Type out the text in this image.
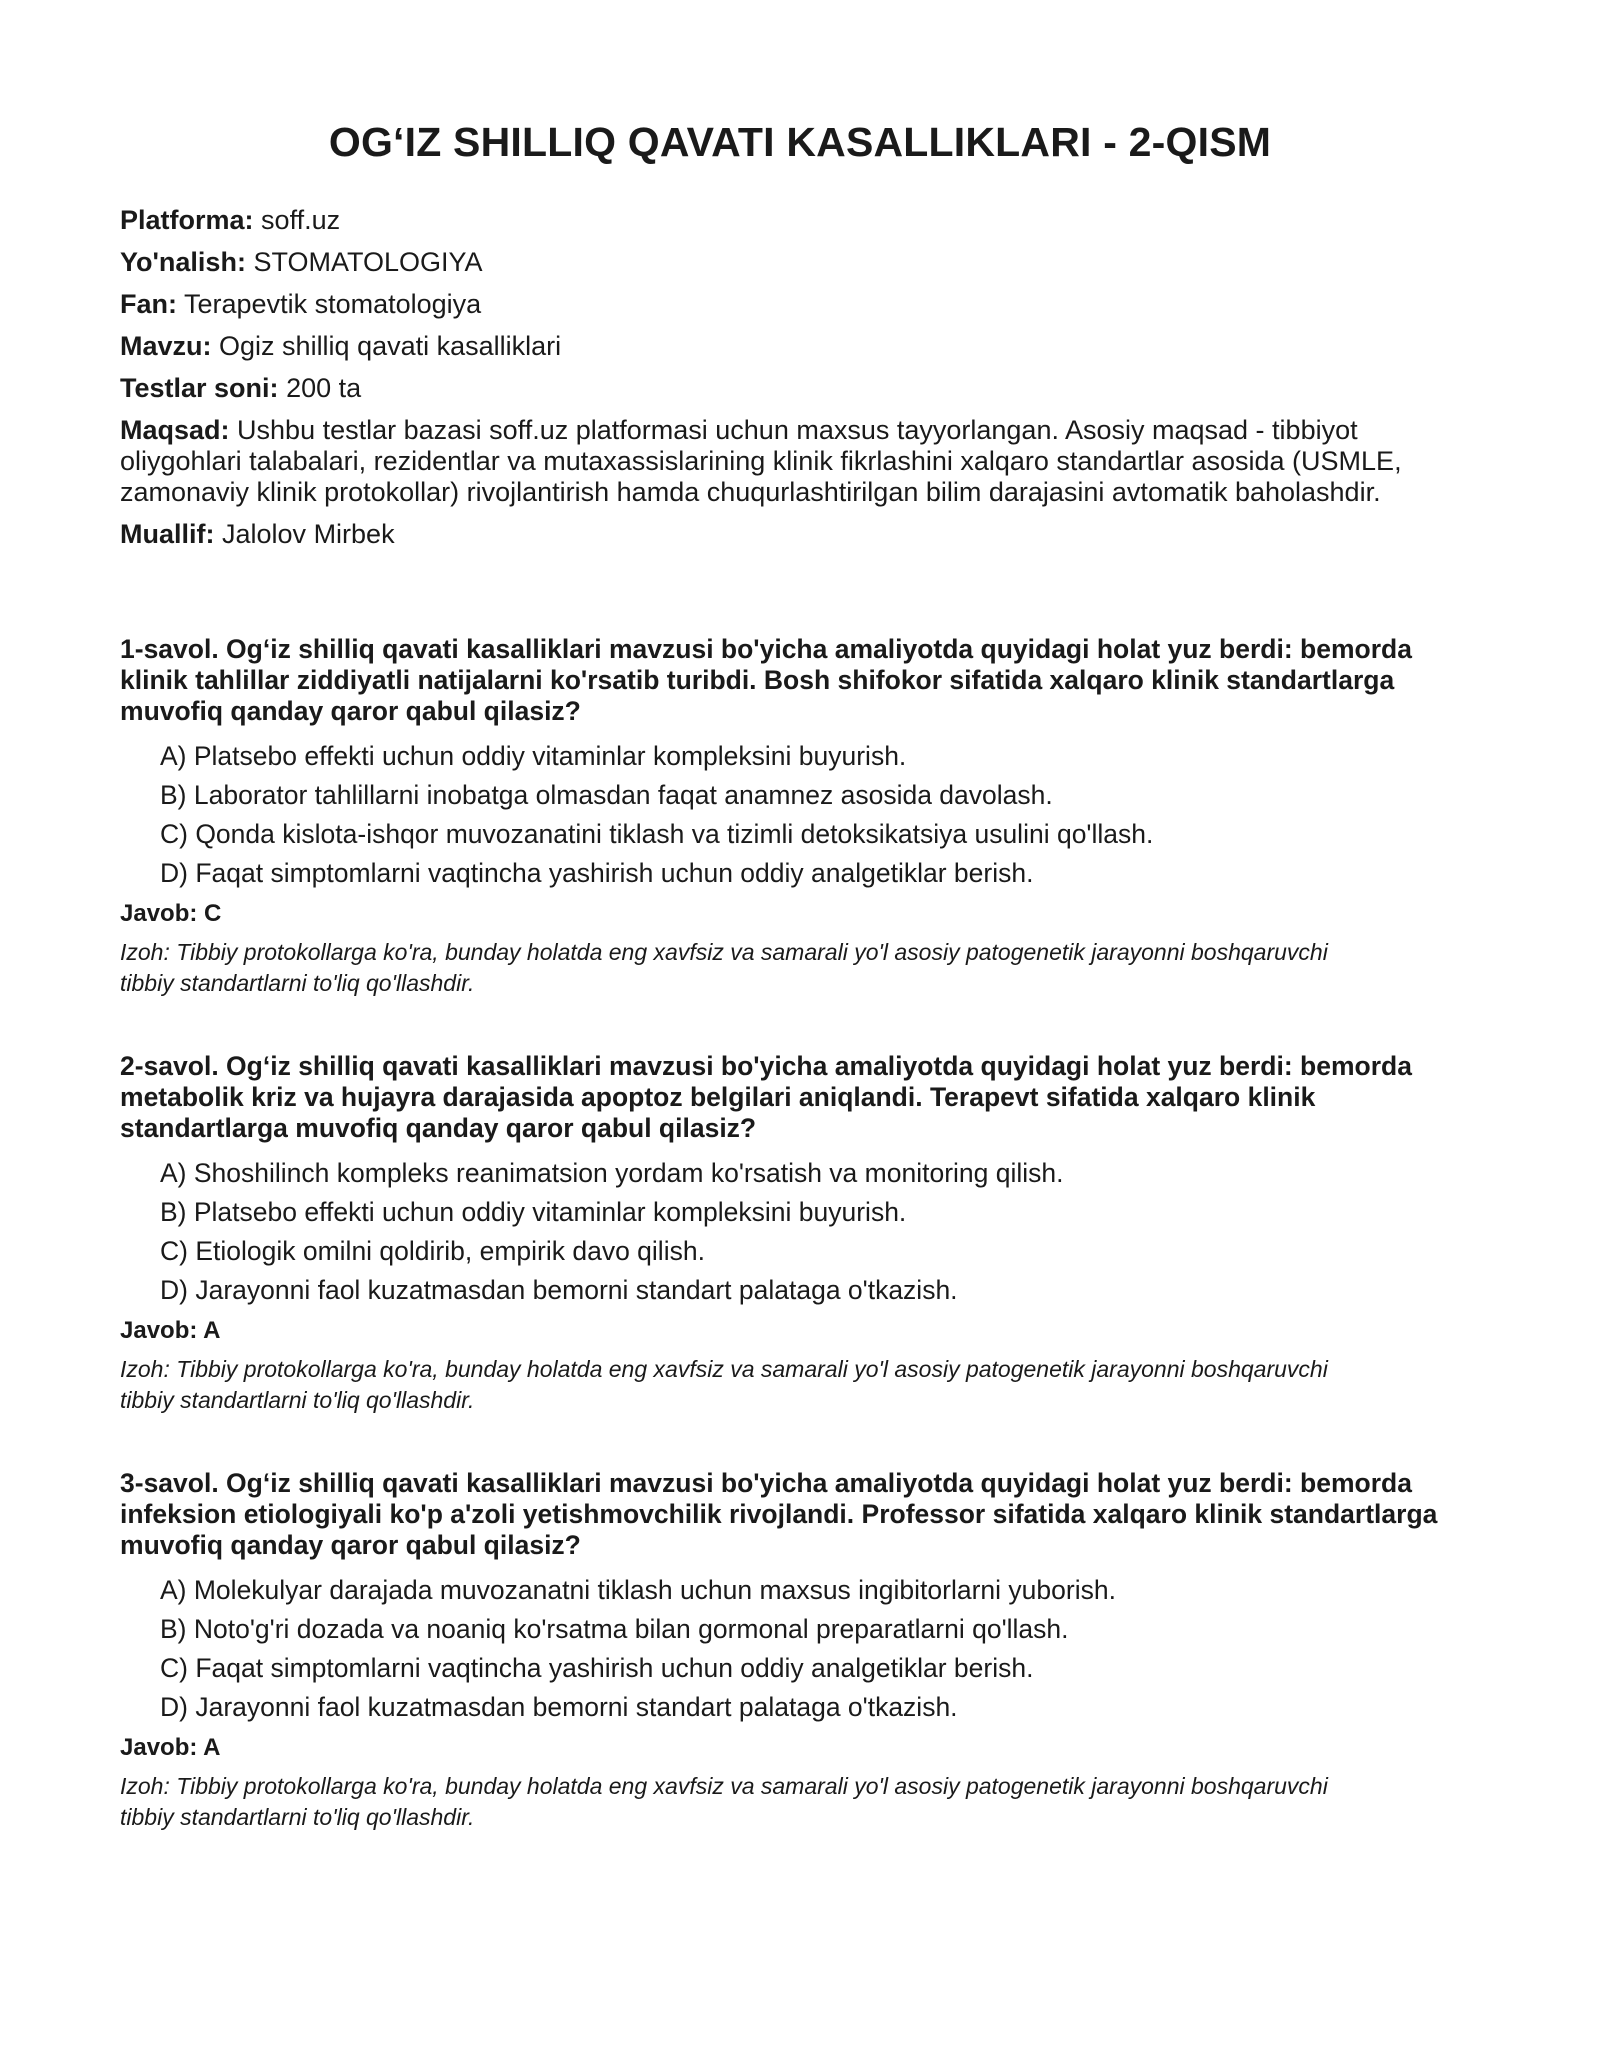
OG‘IZ SHILLIQ QAVATI KASALLIKLARI - 2-QISM
Platforma: soff.uz
Yo'nalish: STOMATOLOGIYA
Fan: Terapevtik stomatologiya
Mavzu: Ogiz shilliq qavati kasalliklari
Testlar soni: 200 ta
Maqsad: Ushbu testlar bazasi soff.uz platformasi uchun maxsus tayyorlangan. Asosiy maqsad - tibbiyot oliygohlari talabalari, rezidentlar va mutaxassislarining klinik fikrlashini xalqaro standartlar asosida (USMLE, zamonaviy klinik protokollar) rivojlantirish hamda chuqurlashtirilgan bilim darajasini avtomatik baholashdir.
Muallif: Jalolov Mirbek

1-savol. Og‘iz shilliq qavati kasalliklari mavzusi bo'yicha amaliyotda quyidagi holat yuz berdi: bemorda klinik tahlillar ziddiyatli natijalarni ko'rsatib turibdi. Bosh shifokor sifatida xalqaro klinik standartlarga muvofiq qanday qaror qabul qilasiz?

A) Platsebo effekti uchun oddiy vitaminlar kompleksini buyurish.
B) Laborator tahlillarni inobatga olmasdan faqat anamnez asosida davolash.
C) Qonda kislota-ishqor muvozanatini tiklash va tizimli detoksikatsiya usulini qo'llash.
D) Faqat simptomlarni vaqtincha yashirish uchun oddiy analgetiklar berish.
Javob: C
Izoh: Tibbiy protokollarga ko'ra, bunday holatda eng xavfsiz va samarali yo'l asosiy patogenetik jarayonni boshqaruvchi tibbiy standartlarni to'liq qo'llashdir.

2-savol. Og‘iz shilliq qavati kasalliklari mavzusi bo'yicha amaliyotda quyidagi holat yuz berdi: bemorda metabolik kriz va hujayra darajasida apoptoz belgilari aniqlandi. Terapevt sifatida xalqaro klinik standartlarga muvofiq qanday qaror qabul qilasiz?

A) Shoshilinch kompleks reanimatsion yordam ko'rsatish va monitoring qilish.
B) Platsebo effekti uchun oddiy vitaminlar kompleksini buyurish.
C) Etiologik omilni qoldirib, empirik davo qilish.
D) Jarayonni faol kuzatmasdan bemorni standart palataga o'tkazish.
Javob: A
Izoh: Tibbiy protokollarga ko'ra, bunday holatda eng xavfsiz va samarali yo'l asosiy patogenetik jarayonni boshqaruvchi tibbiy standartlarni to'liq qo'llashdir.

3-savol. Og‘iz shilliq qavati kasalliklari mavzusi bo'yicha amaliyotda quyidagi holat yuz berdi: bemorda infeksion etiologiyali ko'p a'zoli yetishmovchilik rivojlandi. Professor sifatida xalqaro klinik standartlarga muvofiq qanday qaror qabul qilasiz?

A) Molekulyar darajada muvozanatni tiklash uchun maxsus ingibitorlarni yuborish.
B) Noto'g'ri dozada va noaniq ko'rsatma bilan gormonal preparatlarni qo'llash.
C) Faqat simptomlarni vaqtincha yashirish uchun oddiy analgetiklar berish.
D) Jarayonni faol kuzatmasdan bemorni standart palataga o'tkazish.
Javob: A
Izoh: Tibbiy protokollarga ko'ra, bunday holatda eng xavfsiz va samarali yo'l asosiy patogenetik jarayonni boshqaruvchi tibbiy standartlarni to'liq qo'llashdir.
